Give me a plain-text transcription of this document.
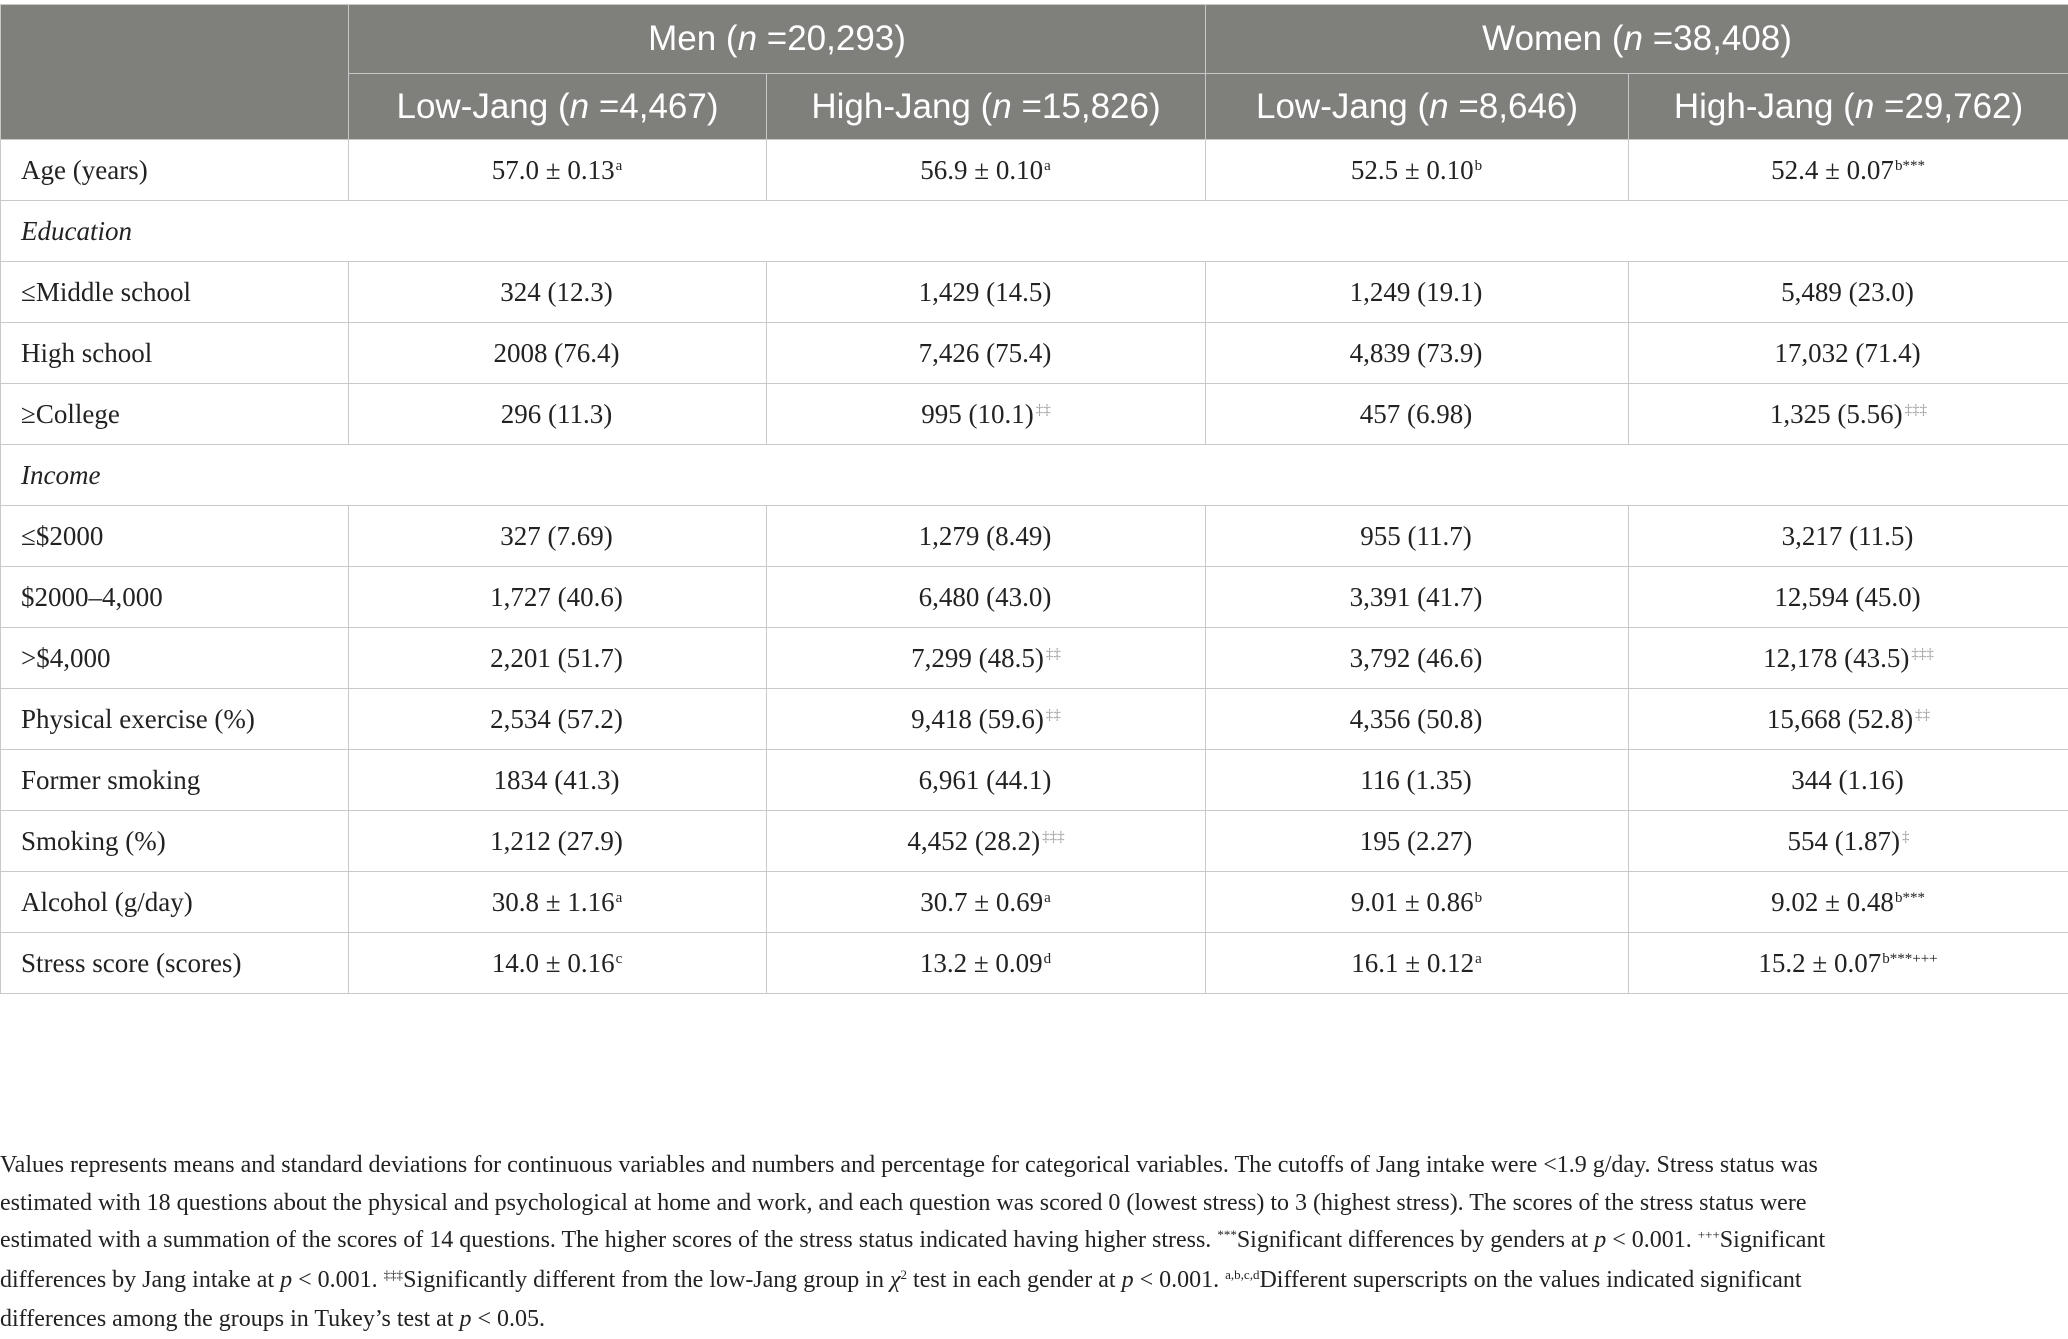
	Men (n =20,293)		Women (n =38,408)	
	Low-Jang (n =4,467)	High-Jang (n =15,826)	Low-Jang (n =8,646)	High-Jang (n =29,762)
Age (years)	57.0 ± 0.13$^a$	56.9 ± 0.10$^a$	52.5 ± 0.10$^b$	$52.4 \pm 0.07^{b***}$
Education				
≤Middle school	324 (12.3)	1,429 (14.5)	1,249 (19.1)	5,489 (23.0)
High school	2008 (76.4)	7,426 (75.4)	4,839 (73.9)	17,032 (71.4)
≥College	296 (11.3)	995 (10.1) ‡‡	457 (6.98)	1,325 (5.56) ‡‡‡
Income				
≤$2000	327 (7.69)	1,279 (8.49)	955 (11.7)	3,217 (11.5)
$2000–4,000	1,727 (40.6)	6,480 (43.0)	3,391 (41.7)	12,594 (45.0)
>$4,000	2,201 (51.7)	7,299 (48.5) ‡‡	3,792 (46.6)	12,178 (43.5) ‡‡‡
Physical exercise (%)	2,534 (57.2)	9,418 (59.6) ‡‡	4,356 (50.8)	15,668 (52.8) ‡‡
Former smoking	1834 (41.3)	6,961 (44.1)	116 (1.35)	344 (1.16)
Smoking (%)	1,212 (27.9)	4,452 (28.2) ‡‡‡	195 (2.27)	554 (1.87) ‡
Alcohol (g/day)	30.8 ± 1.16$^a$	30.7 ± 0.69$^a$	9.01 ± 0.86$^b$	$9.02 \pm 0.48^{b***}$
Stress score (scores)	14.0 ± 0.16$^c$	13.2 ± 0.09$^d$	16.1 ± 0.12$^a$	$15.2 \pm 0.07^{b***+++}$
Values represents means and standard deviations for continuous variables and numbers and percentage for categorical variables. The cutoffs of Jang intake were <1.9 g/day. Stress status was
estimated with 18 questions about the physical and psychological at home and work, and each question was scored 0 (lowest stress) to 3 (highest stress). The scores of the stress status were
estimated with a summation of the scores of 14 questions. The higher scores of the stress status indicated having higher stress. ***Significant differences by genders at p < 0.001. +++Significant
differences by Jang intake at p < 0.001. ‡‡‡Significantly different from the low-Jang group in $\chi^2$ test in each gender at p < 0.001. $^{a,b,c,d}$Different superscripts on the values indicated significant
differences among the groups in Tukey’s test at p < 0.05.
